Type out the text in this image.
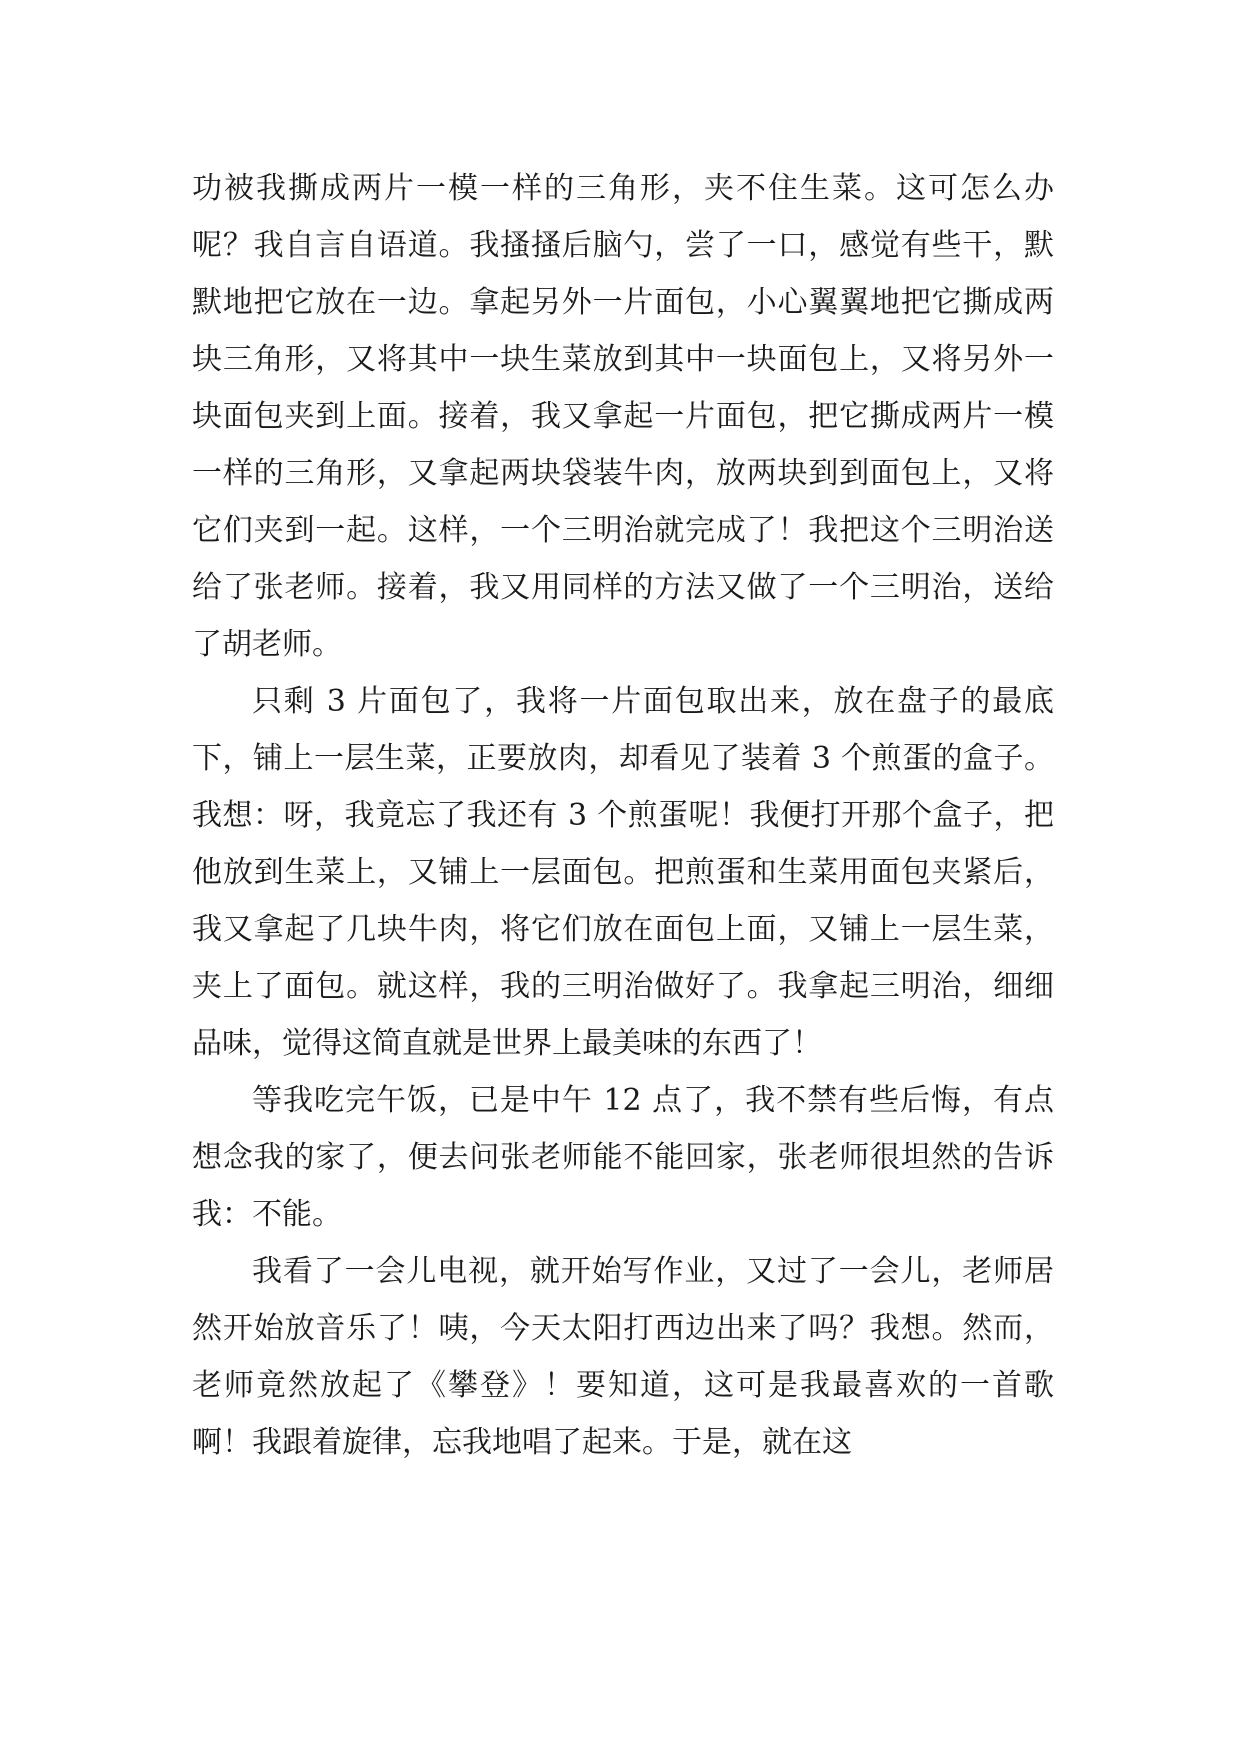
功被我撕成两片一模一样的三角形，夹不住生菜。这可怎么办呢？我自言自语道。我搔搔后脑勺，尝了一口，感觉有些干，默默地把它放在一边。拿起另外一片面包，小心翼翼地把它撕成两块三角形，又将其中一块生菜放到其中一块面包上，又将另外一块面包夹到上面。接着，我又拿起一片面包，把它撕成两片一模一样的三角形，又拿起两块袋装牛肉，放两块到到面包上，又将它们夹到一起。这样，一个三明治就完成了！我把这个三明治送给了张老师。接着，我又用同样的方法又做了一个三明治，送给了胡老师。

只剩 3 片面包了，我将一片面包取出来，放在盘子的最底下，铺上一层生菜，正要放肉，却看见了装着 3 个煎蛋的盒子。我想：呀，我竟忘了我还有 3 个煎蛋呢！我便打开那个盒子，把他放到生菜上，又铺上一层面包。把煎蛋和生菜用面包夹紧后，我又拿起了几块牛肉，将它们放在面包上面，又铺上一层生菜，夹上了面包。就这样，我的三明治做好了。我拿起三明治，细细品味，觉得这简直就是世界上最美味的东西了！

等我吃完午饭，已是中午 12 点了，我不禁有些后悔，有点想念我的家了，便去问张老师能不能回家，张老师很坦然的告诉我：不能。

我看了一会儿电视，就开始写作业，又过了一会儿，老师居然开始放音乐了！咦，今天太阳打西边出来了吗？我想。然而，老师竟然放起了《攀登》！要知道，这可是我最喜欢的一首歌啊！我跟着旋律，忘我地唱了起来。于是，就在这
